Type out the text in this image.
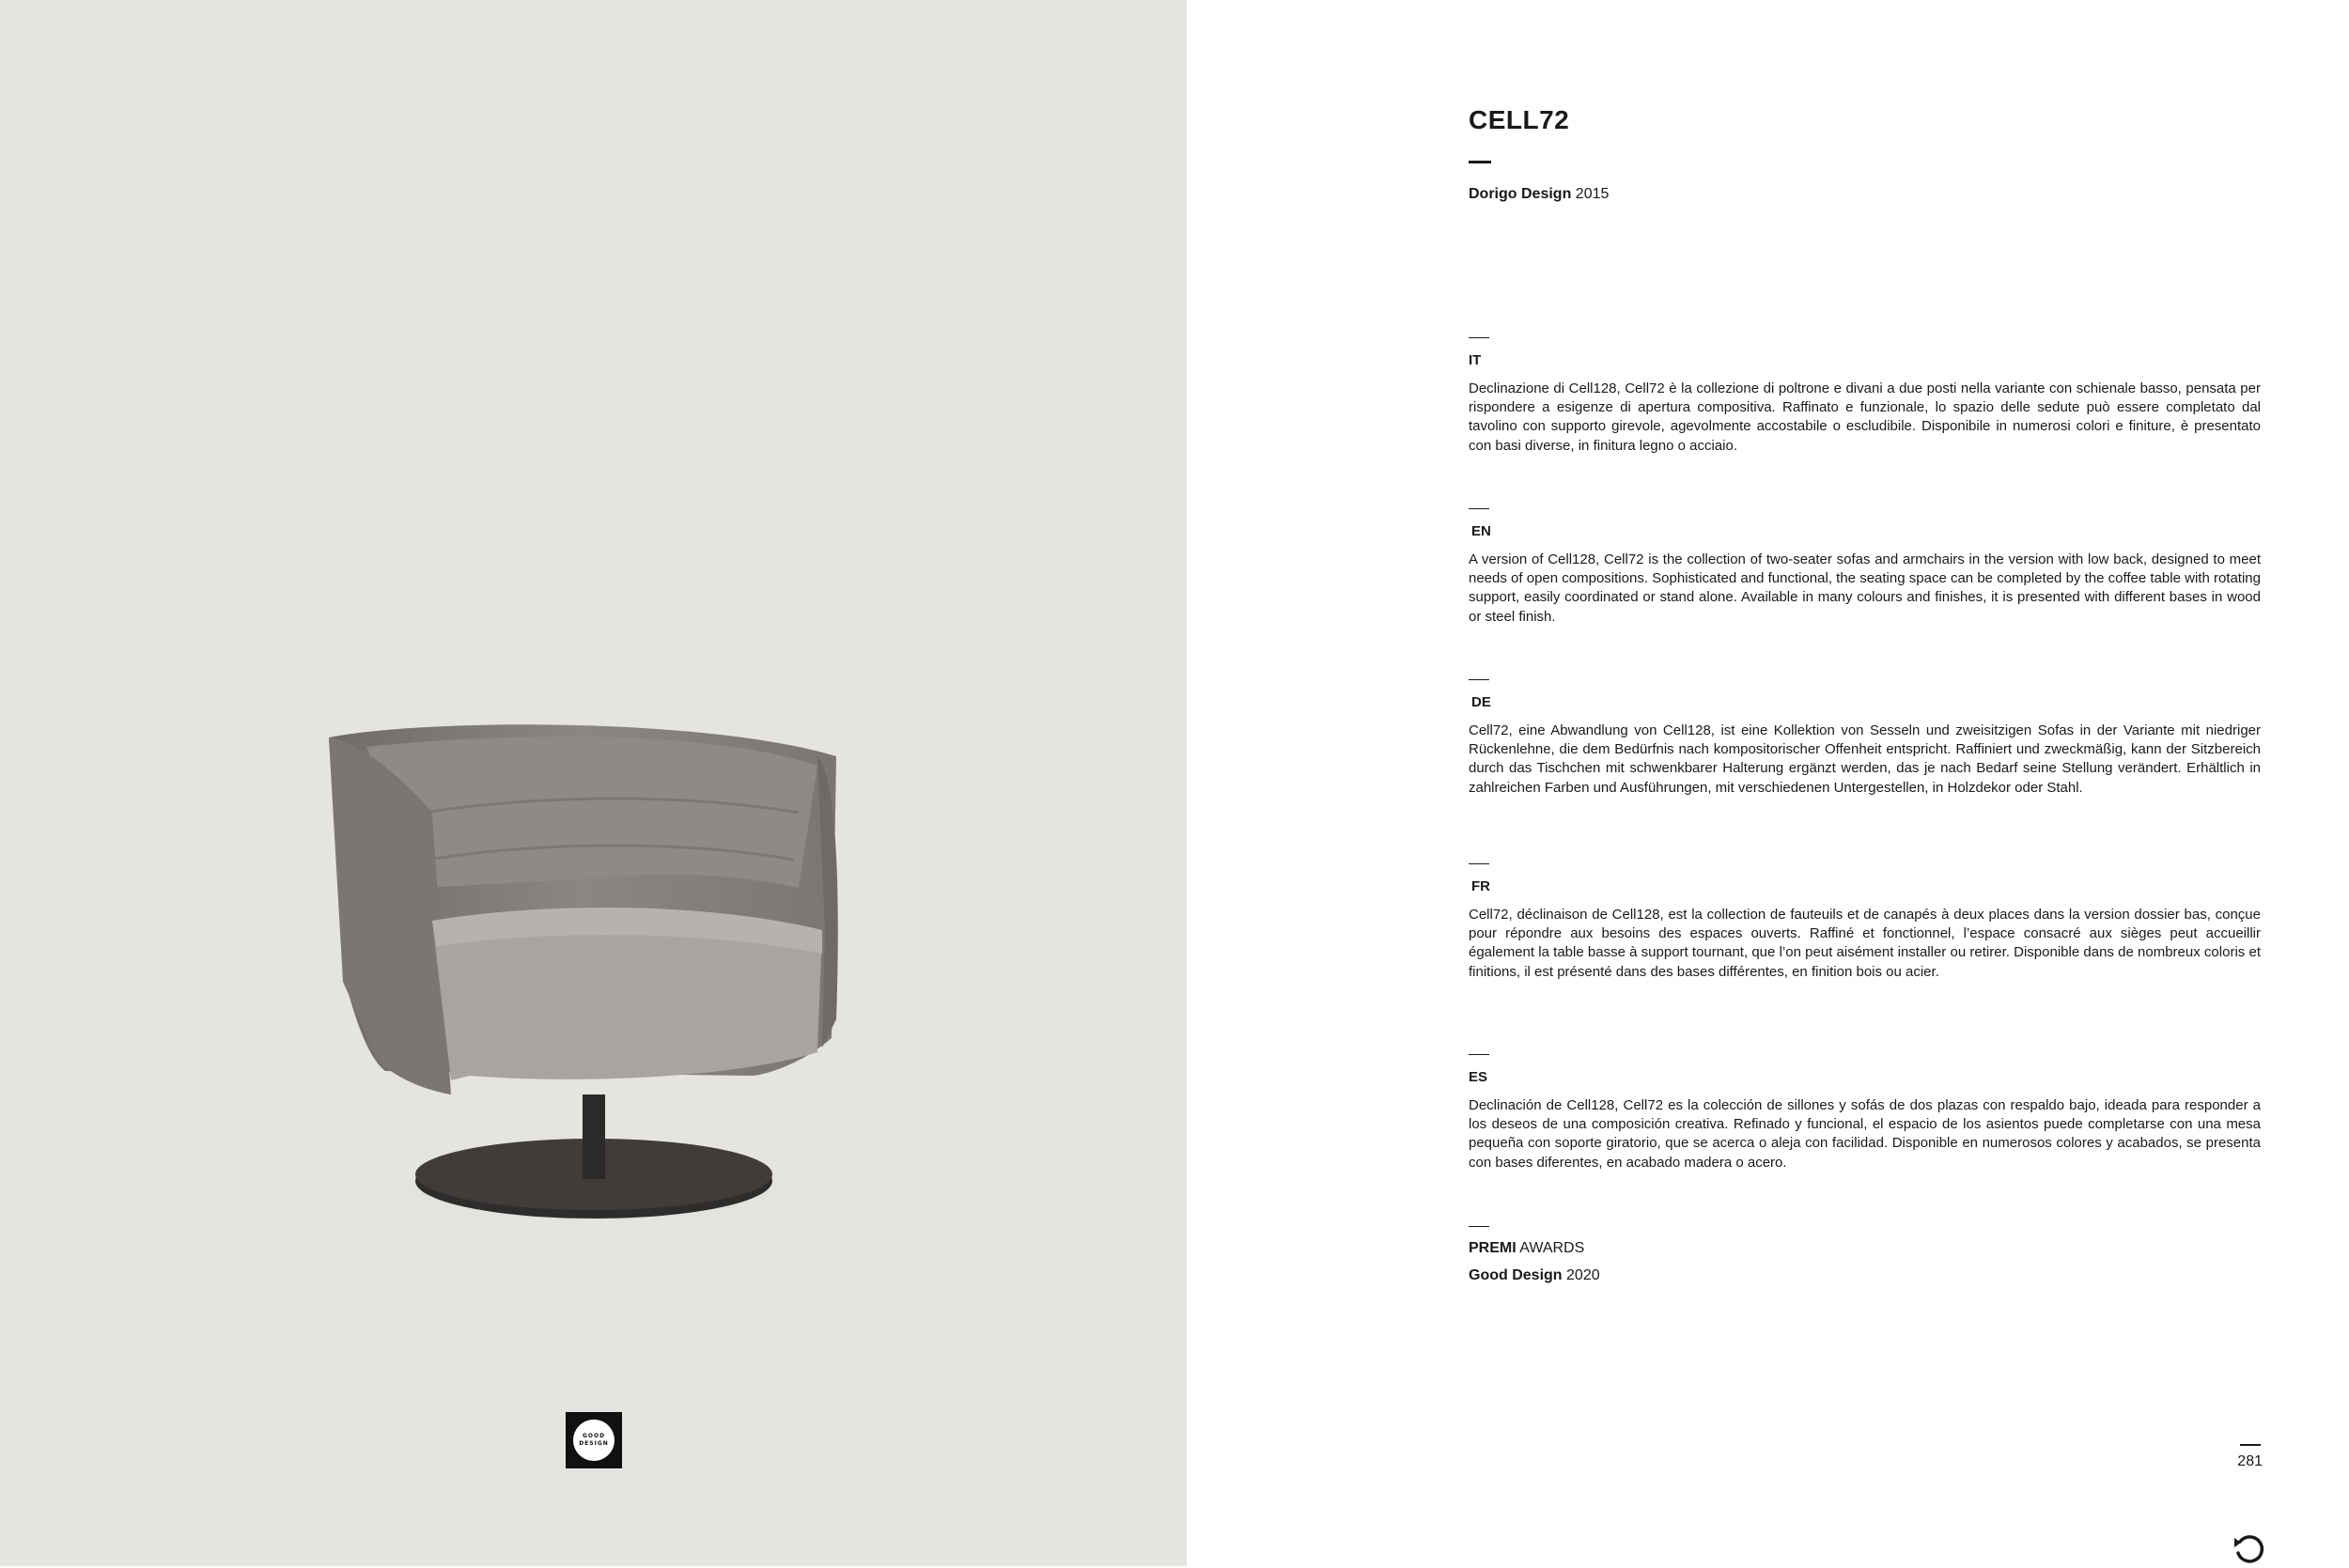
GOOD
DESIGN
CELL72
Dorigo Design 2015
IT

Declinazione di Cell128, Cell72 è la collezione di poltrone e divani a due posti nella variante con schienale basso, pensata per rispondere a esigenze di apertura compositiva. Raffinato e funzionale, lo spazio delle sedute può essere completato dal tavolino con supporto girevole, agevolmente accostabile o escludibile. Disponibile in numerosi colori e finiture, è presentato con basi diverse, in finitura legno o acciaio.

EN

A version of Cell128, Cell72 is the collection of two-seater sofas and armchairs in the version with low back, designed to meet needs of open compositions. Sophisticated and functional, the seating space can be completed by the coffee table with rotating support, easily coordinated or stand alone. Available in many colours and finishes, it is presented with different bases in wood or steel finish.

DE

Cell72, eine Abwandlung von Cell128, ist eine Kollektion von Sesseln und zweisitzigen Sofas in der Variante mit niedriger Rückenlehne, die dem Bedürfnis nach kompositorischer Offenheit entspricht. Raffiniert und zweckmäßig, kann der Sitzbereich durch das Tischchen mit schwenkbarer Halterung ergänzt werden, das je nach Bedarf seine Stellung verändert. Erhältlich in zahlreichen Farben und Ausführungen, mit verschiedenen Untergestellen, in Holzdekor oder Stahl.

FR

Cell72, déclinaison de Cell128, est la collection de fauteuils et de canapés à deux places dans la version dossier bas, conçue pour répondre aux besoins des espaces ouverts. Raffiné et fonctionnel, l’espace consacré aux sièges peut accueillir également la table basse à support tournant, que l’on peut aisément installer ou retirer. Disponible dans de nombreux coloris et finitions, il est présenté dans des bases différentes, en finition bois ou acier.

ES

Declinación de Cell128, Cell72 es la colección de sillones y sofás de dos plazas con respaldo bajo, ideada para responder a los deseos de una composición creativa. Refinado y funcional, el espacio de los asientos puede completarse con una mesa pequeña con soporte giratorio, que se acerca o aleja con facilidad. Disponible en numerosos colores y acabados, se presenta con bases diferentes, en acabado madera o acero.

PREMI AWARDS
Good Design 2020
281
